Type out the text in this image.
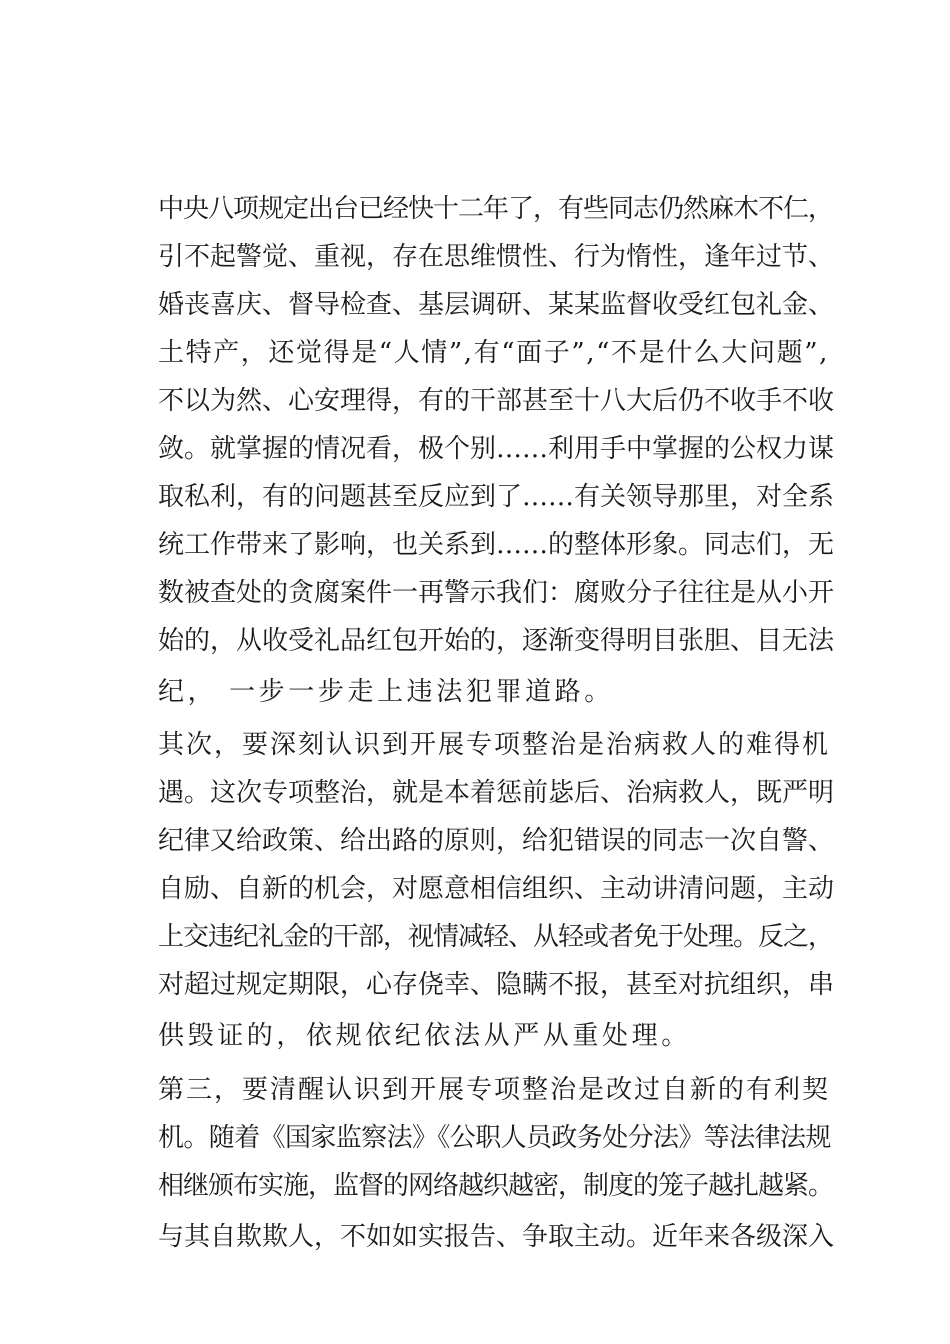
中央八项规定出台已经快十二年了，有些同志仍然麻木不仁，
引不起警觉、重视，存在思维惯性、行为惰性，逢年过节、
婚丧喜庆、督导检查、基层调研、某某监督收受红包礼金、
土特产，还觉得是“人情”,有“面子”,“不是什么大问题”,
不以为然、心安理得，有的干部甚至十八大后仍不收手不收
敛。就掌握的情况看，极个别……利用手中掌握的公权力谋
取私利，有的问题甚至反应到了……有关领导那里，对全系
统工作带来了影响，也关系到……的整体形象。同志们，无
数被查处的贪腐案件一再警示我们：腐败分子往往是从小开
始的，从收受礼品红包开始的，逐渐变得明目张胆、目无法
纪， 一步一步走上违法犯罪道路。
其次，要深刻认识到开展专项整治是治病救人的难得机
遇。这次专项整治，就是本着惩前毖后、治病救人，既严明
纪律又给政策、给出路的原则，给犯错误的同志一次自警、
自励、自新的机会，对愿意相信组织、主动讲清问题，主动
上交违纪礼金的干部，视情减轻、从轻或者免于处理。反之，
对超过规定期限，心存侥幸、隐瞒不报，甚至对抗组织，串
供毁证的，依规依纪依法从严从重处理。
第三，要清醒认识到开展专项整治是改过自新的有利契
机。随着《国家监察法》《公职人员政务处分法》等法律法规
相继颁布实施，监督的网络越织越密，制度的笼子越扎越紧。
与其自欺欺人，不如如实报告、争取主动。近年来各级深入
